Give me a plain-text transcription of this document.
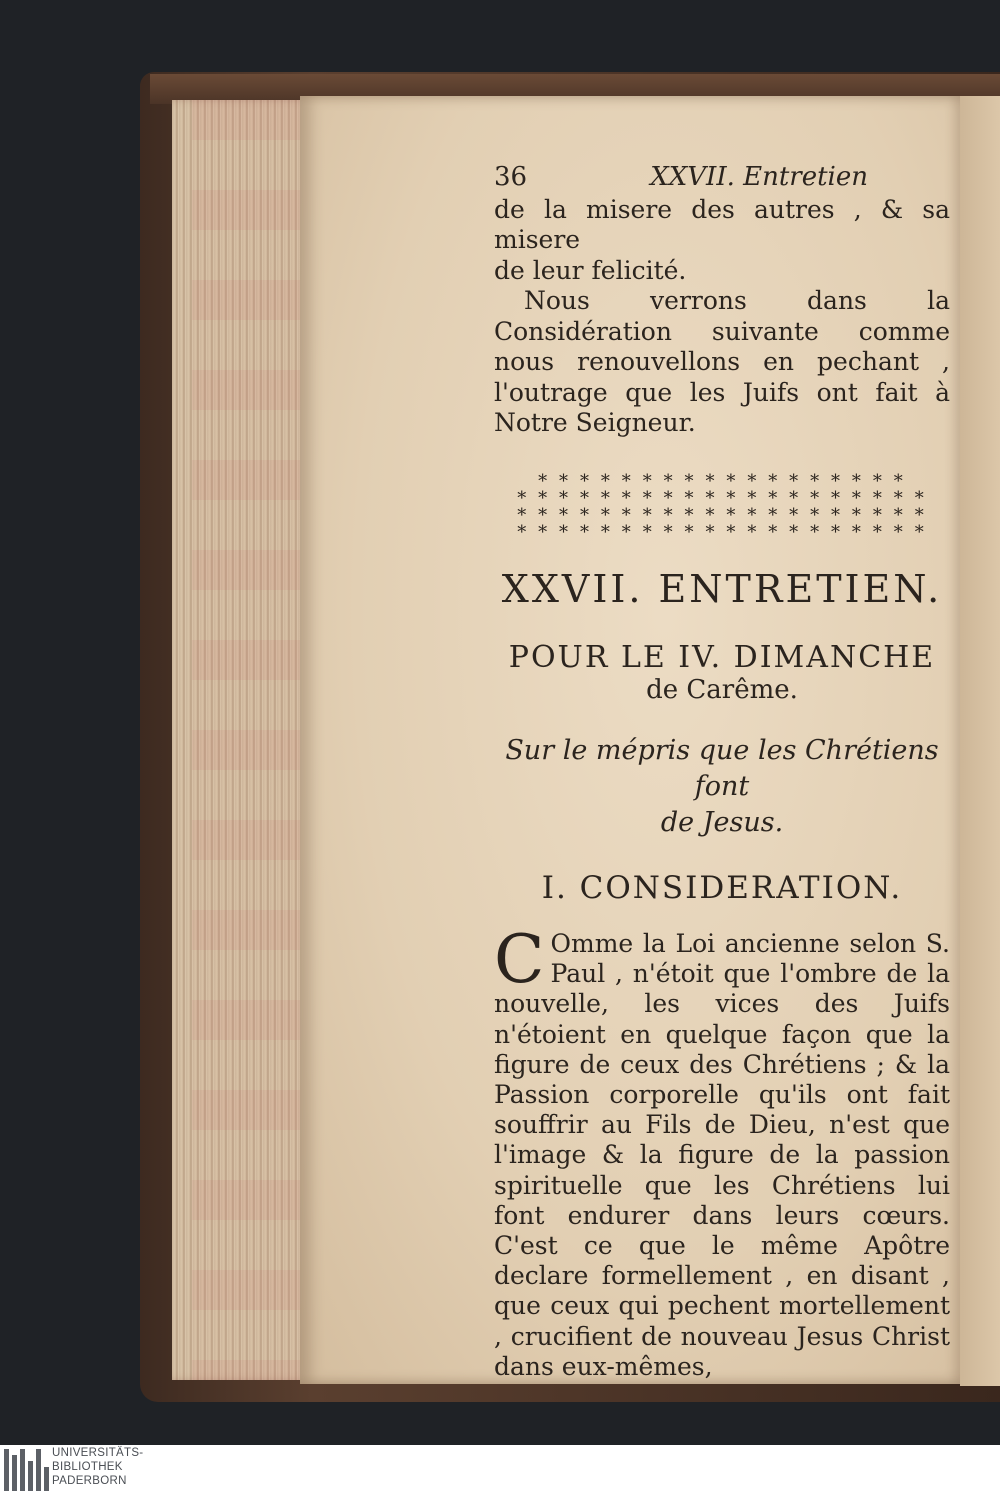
36	XXVII. Entretien

de la misere des autres , & sa misere

de leur felicité.

Nous verrons dans la Considération suivante comme nous renouvellons en pechant , l'outrage que les Juifs ont fait à Notre Seigneur.

* * * * * * * * * * * * * * * * * *
* * * * * * * * * * * * * * * * * * * *
* * * * * * * * * * * * * * * * * * * *
* * * * * * * * * * * * * * * * * * * *
XXVII. ENTRETIEN.
POUR LE IV. DIMANCHE
de Carême.
Sur le mépris que les Chrétiens font
de Jesus.
I. CONSIDERATION.
C Omme la Loi ancienne selon S. Paul , n'étoit que l'ombre de la nouvelle, les vices des Juifs n'étoient en quelque façon que la figure de ceux des Chrétiens ; & la Passion corporelle qu'ils ont fait souffrir au Fils de Dieu, n'est que l'image & la figure de la passion spirituelle que les Chrétiens lui font endurer dans leurs cœurs. C'est ce que le même Apôtre declare formellement , en disant , que ceux qui pechent mortellement , crucifient de nouveau Jesus Christ dans eux-mêmes,

UNIVERSITÄTS-
BIBLIOTHEK
PADERBORN
